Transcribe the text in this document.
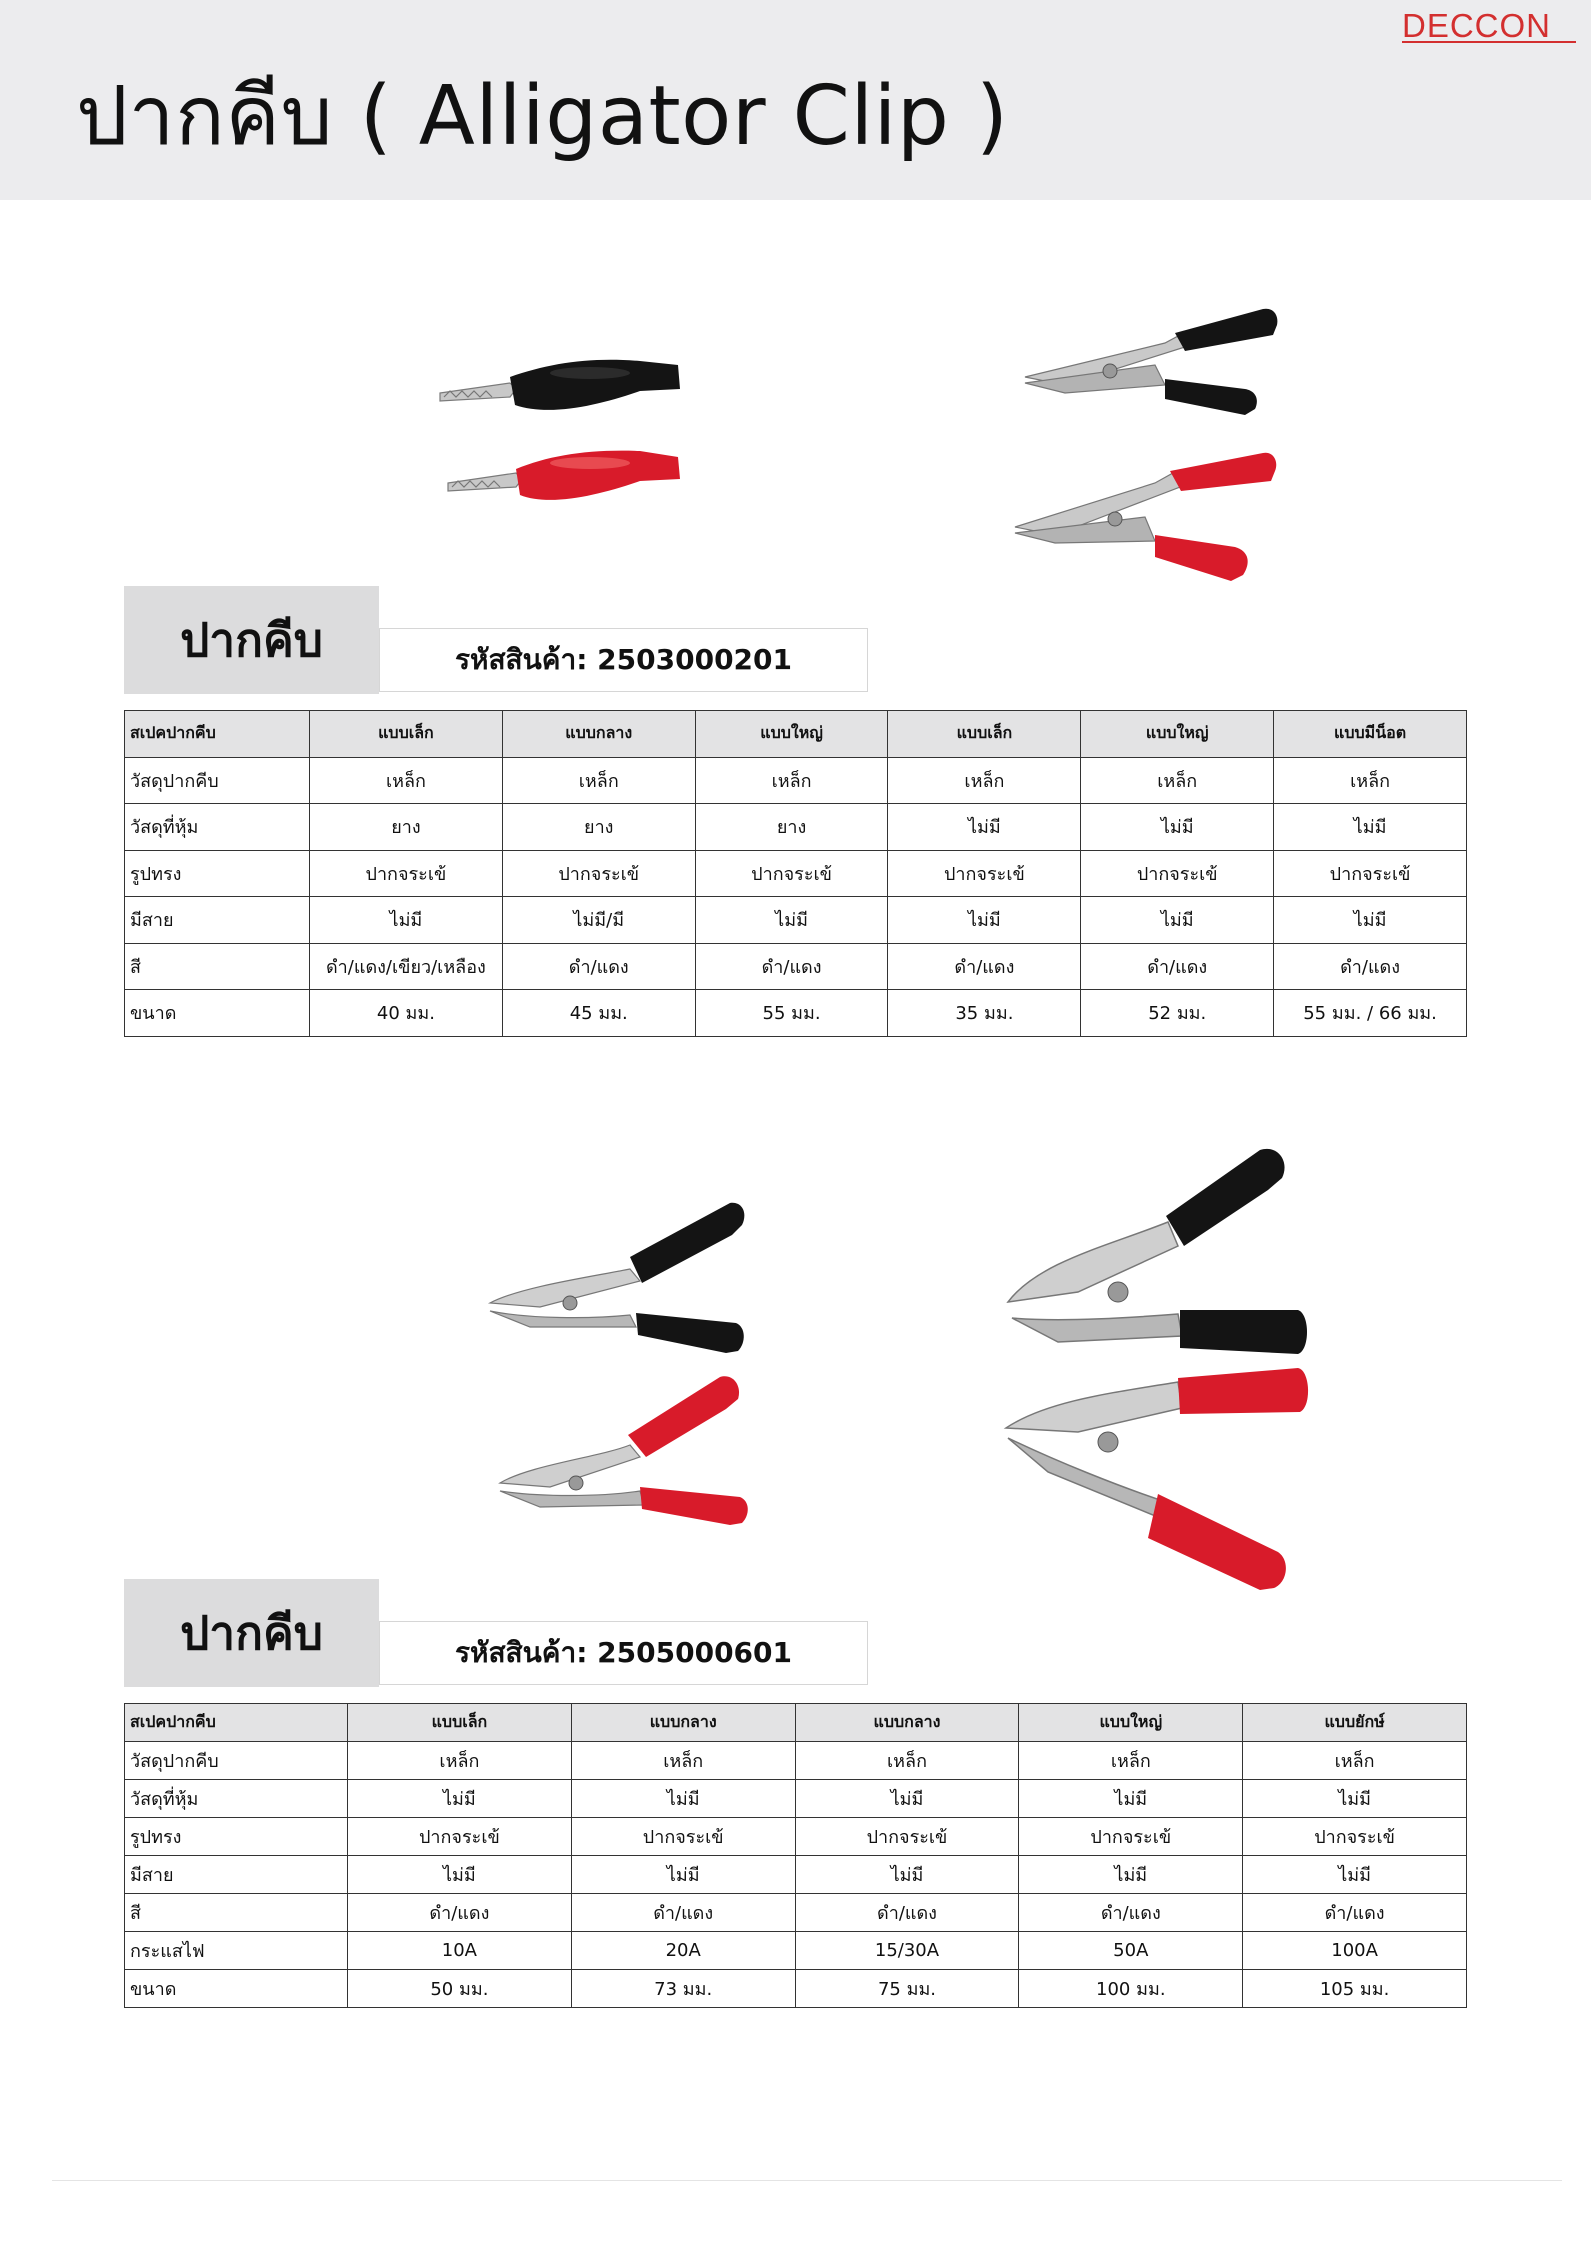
ปากคีบ ( Alligator Clip )
DECCON
ปากคีบ	รหัสสินค้า: 2503000201
สเปคปากคีบ	แบบเล็ก	แบบกลาง	แบบใหญ่	แบบเล็ก	แบบใหญ่	แบบมีน็อต
วัสดุปากคีบ	เหล็ก	เหล็ก	เหล็ก	เหล็ก	เหล็ก	เหล็ก
วัสดุที่หุ้ม	ยาง	ยาง	ยาง	ไม่มี	ไม่มี	ไม่มี
รูปทรง	ปากจระเข้	ปากจระเข้	ปากจระเข้	ปากจระเข้	ปากจระเข้	ปากจระเข้
มีสาย	ไม่มี	ไม่มี/มี	ไม่มี	ไม่มี	ไม่มี	ไม่มี
สี	ดำ/แดง/เขียว/เหลือง	ดำ/แดง	ดำ/แดง	ดำ/แดง	ดำ/แดง	ดำ/แดง
ขนาด	40 มม.	45 มม.	55 มม.	35 มม.	52 มม.	55 มม. / 66 มม.
ปากคีบ	รหัสสินค้า: 2505000601
สเปคปากคีบ	แบบเล็ก	แบบกลาง	แบบกลาง	แบบใหญ่	แบบยักษ์
วัสดุปากคีบ	เหล็ก	เหล็ก	เหล็ก	เหล็ก	เหล็ก
วัสดุที่หุ้ม	ไม่มี	ไม่มี	ไม่มี	ไม่มี	ไม่มี
รูปทรง	ปากจระเข้	ปากจระเข้	ปากจระเข้	ปากจระเข้	ปากจระเข้
มีสาย	ไม่มี	ไม่มี	ไม่มี	ไม่มี	ไม่มี
สี	ดำ/แดง	ดำ/แดง	ดำ/แดง	ดำ/แดง	ดำ/แดง
กระแสไฟ	10A	20A	15/30A	50A	100A
ขนาด	50 มม.	73 มม.	75 มม.	100 มม.	105 มม.
